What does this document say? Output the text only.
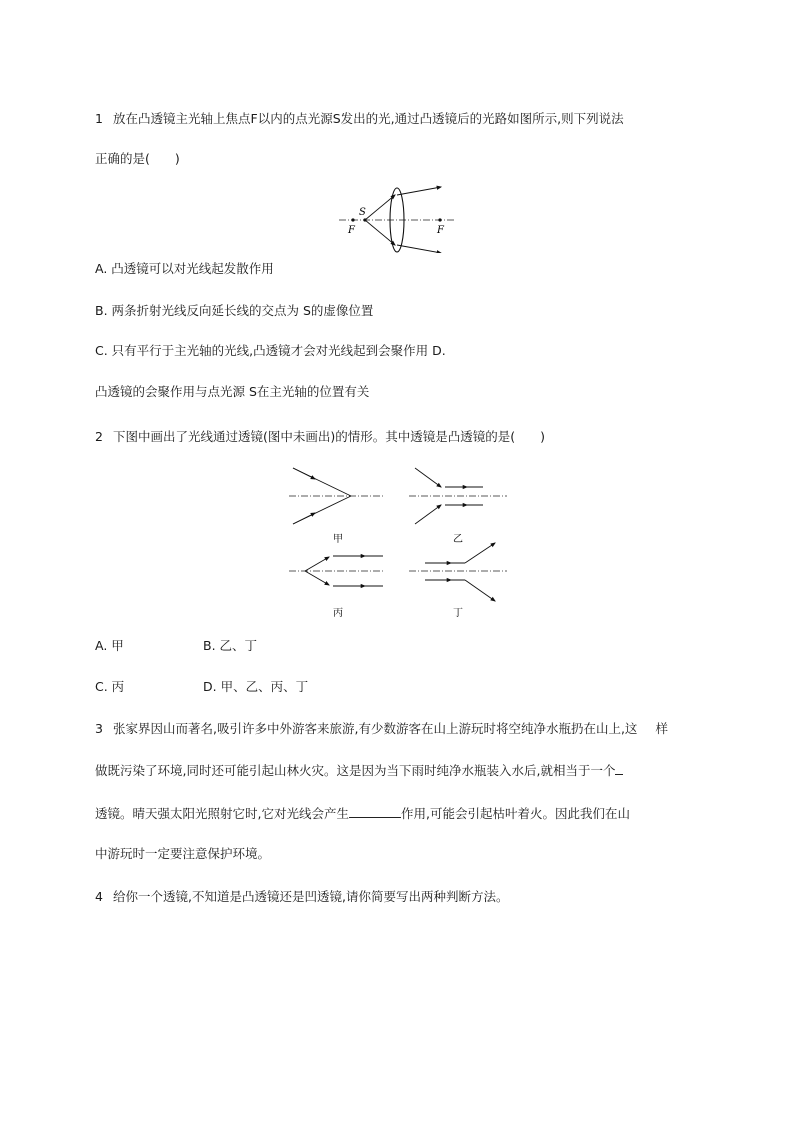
1 放在凸透镜主光轴上焦点F以内的点光源S发出的光,通过凸透镜后的光路如图所示,则下列说法
正确的是(　　)
S
F	F
A. 凸透镜可以对光线起发散作用
B. 两条折射光线反向延长线的交点为 S的虚像位置
C. 只有平行于主光轴的光线,凸透镜才会对光线起到会聚作用 D.
凸透镜的会聚作用与点光源 S在主光轴的位置有关
2 下图中画出了光线通过透镜(图中未画出)的情形。其中透镜是凸透镜的是(　　)
甲	乙
丙	丁
A. 甲	B. 乙、丁
C. 丙	D. 甲、乙、丙、丁
3 张家界因山而著名,吸引许多中外游客来旅游,有少数游客在山上游玩时将空纯净水瓶扔在山上,这 样
做既污染了环境,同时还可能引起山林火灾。这是因为当下雨时纯净水瓶装入水后,就相当于一个
透镜。晴天强太阳光照射它时,它对光线会产生	作用,可能会引起枯叶着火。因此我们在山
中游玩时一定要注意保护环境。
4 给你一个透镜,不知道是凸透镜还是凹透镜,请你简要写出两种判断方法。
